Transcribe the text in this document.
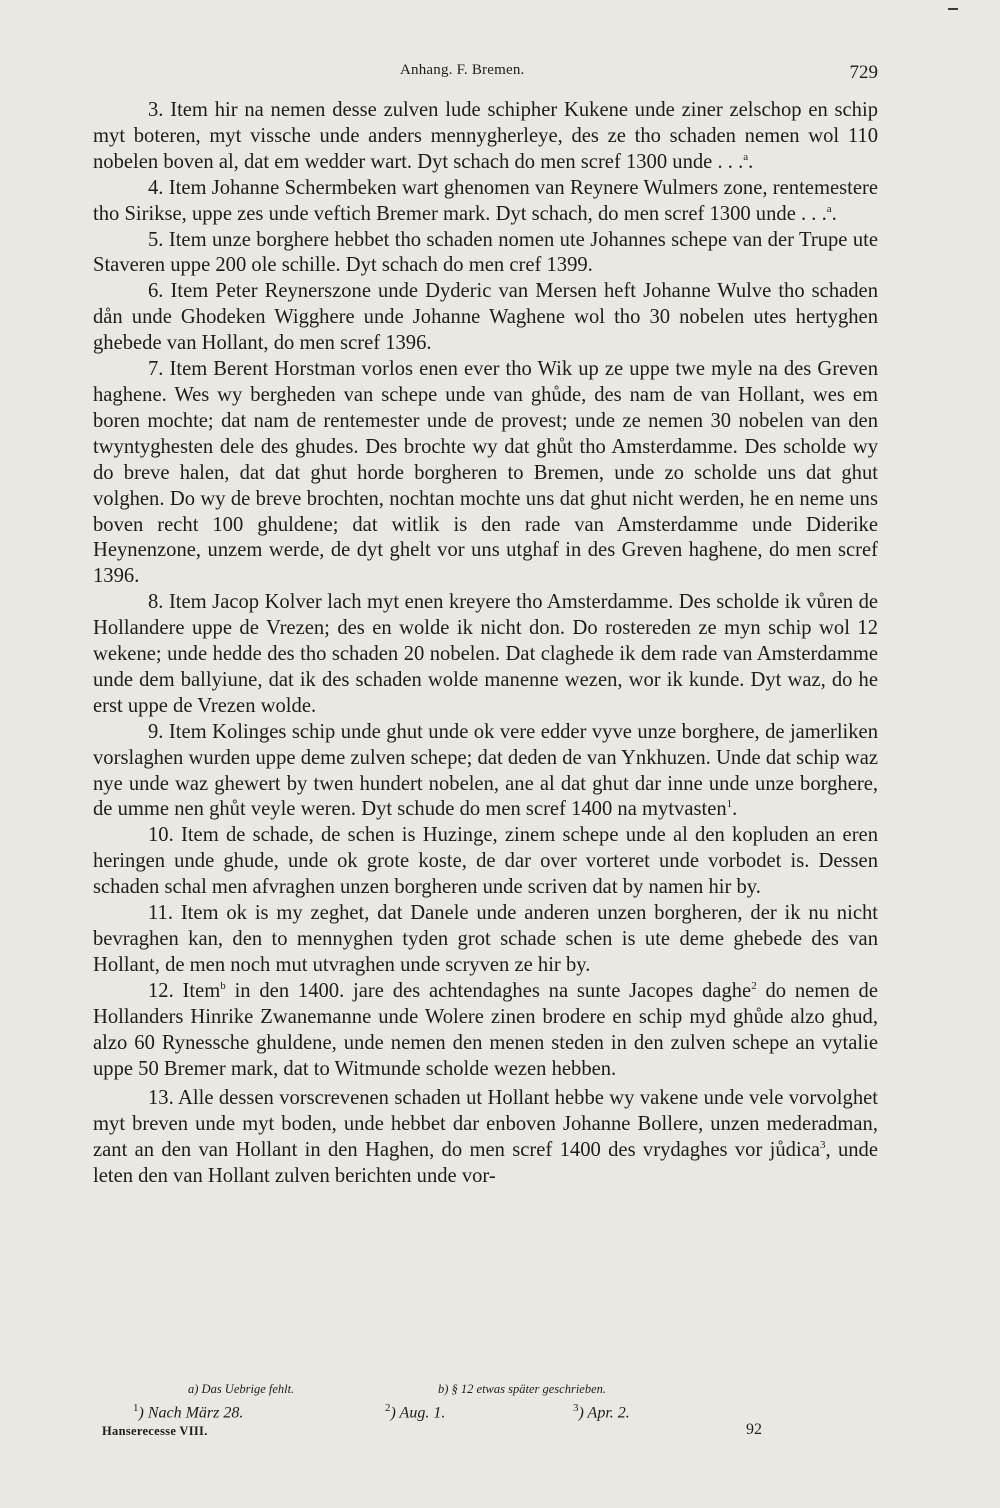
Anhang. F. Bremen.	729

3. Item hir na nemen desse zulven lude schipher Kukene unde ziner zelschop en schip myt boteren, myt vissche unde anders mennygherleye, des ze tho schaden nemen wol 110 nobelen boven al, dat em wedder wart. Dyt schach do men scref 1300 unde . . .$^a$.

4. Item Johanne Schermbeken wart ghenomen van Reynere Wulmers zone, rentemestere tho Sirikse, uppe zes unde veftich Bremer mark. Dyt schach, do men scref 1300 unde . . .$^a$.

5. Item unze borghere hebbet tho schaden nomen ute Johannes schepe van der Trupe ute Staveren uppe 200 ole schille. Dyt schach do men cref 1399.

6. Item Peter Reynerszone unde Dyderic van Mersen heft Johanne Wulve tho schaden dån unde Ghodeken Wigghere unde Johanne Waghene wol tho 30 nobelen utes hertyghen ghebede van Hollant, do men scref 1396.

7. Item Berent Horstman vorlos enen ever tho Wik up ze uppe twe myle na des Greven haghene. Wes wy bergheden van schepe unde van ghůde, des nam de van Hollant, wes em boren mochte; dat nam de rentemester unde de provest; unde ze nemen 30 nobelen van den twyntyghesten dele des ghudes. Des brochte wy dat ghůt tho Amsterdamme. Des scholde wy do breve halen, dat dat ghut horde borgheren to Bremen, unde zo scholde uns dat ghut volghen. Do wy de breve brochten, nochtan mochte uns dat ghut nicht werden, he en neme uns boven recht 100 ghuldene; dat witlik is den rade van Amsterdamme unde Diderike Heynenzone, unzem werde, de dyt ghelt vor uns utghaf in des Greven haghene, do men scref 1396.

8. Item Jacop Kolver lach myt enen kreyere tho Amsterdamme. Des scholde ik vůren de Hollandere uppe de Vrezen; des en wolde ik nicht don. Do rostereden ze myn schip wol 12 wekene; unde hedde des tho schaden 20 nobelen. Dat claghede ik dem rade van Amsterdamme unde dem ballyiune, dat ik des schaden wolde manenne wezen, wor ik kunde. Dyt waz, do he erst uppe de Vrezen wolde.

9. Item Kolinges schip unde ghut unde ok vere edder vyve unze borghere, de jamerliken vorslaghen wurden uppe deme zulven schepe; dat deden de van Ynkhuzen. Unde dat schip waz nye unde waz ghewert by twen hundert nobelen, ane al dat ghut dar inne unde unze borghere, de umme nen ghůt veyle weren. Dyt schude do men scref 1400 na mytvasten$^1$.

10. Item de schade, de schen is Huzinge, zinem schepe unde al den kopluden an eren heringen unde ghude, unde ok grote koste, de dar over vorteret unde vorbodet is. Dessen schaden schal men afvraghen unzen borgheren unde scriven dat by namen hir by.

11. Item ok is my zeghet, dat Danele unde anderen unzen borgheren, der ik nu nicht bevraghen kan, den to mennyghen tyden grot schade schen is ute deme ghebede des van Hollant, de men noch mut utvraghen unde scryven ze hir by.

12. Item$^b$ in den 1400. jare des achtendaghes na sunte Jacopes daghe$^2$ do nemen de Hollanders Hinrike Zwanemanne unde Wolere zinen brodere en schip myd ghůde alzo ghud, alzo 60 Rynessche ghuldene, unde nemen den menen steden in den zulven schepe an vytalie uppe 50 Bremer mark, dat to Witmunde scholde wezen hebben.

13. Alle dessen vorscrevenen schaden ut Hollant hebbe wy vakene unde vele vorvolghet myt breven unde myt boden, unde hebbet dar enboven Johanne Bollere, unzen mederadman, zant an den van Hollant in den Haghen, do men scref 1400 des vrydaghes vor jůdica$^3$, unde leten den van Hollant zulven berichten unde vor-

a) Das Uebrige fehlt.	b) § 12 etwas später geschrieben.
$^1$) Nach März 28.	$^2$) Aug. 1.	$^3$) Apr. 2.
Hanserecesse VIII.	92
